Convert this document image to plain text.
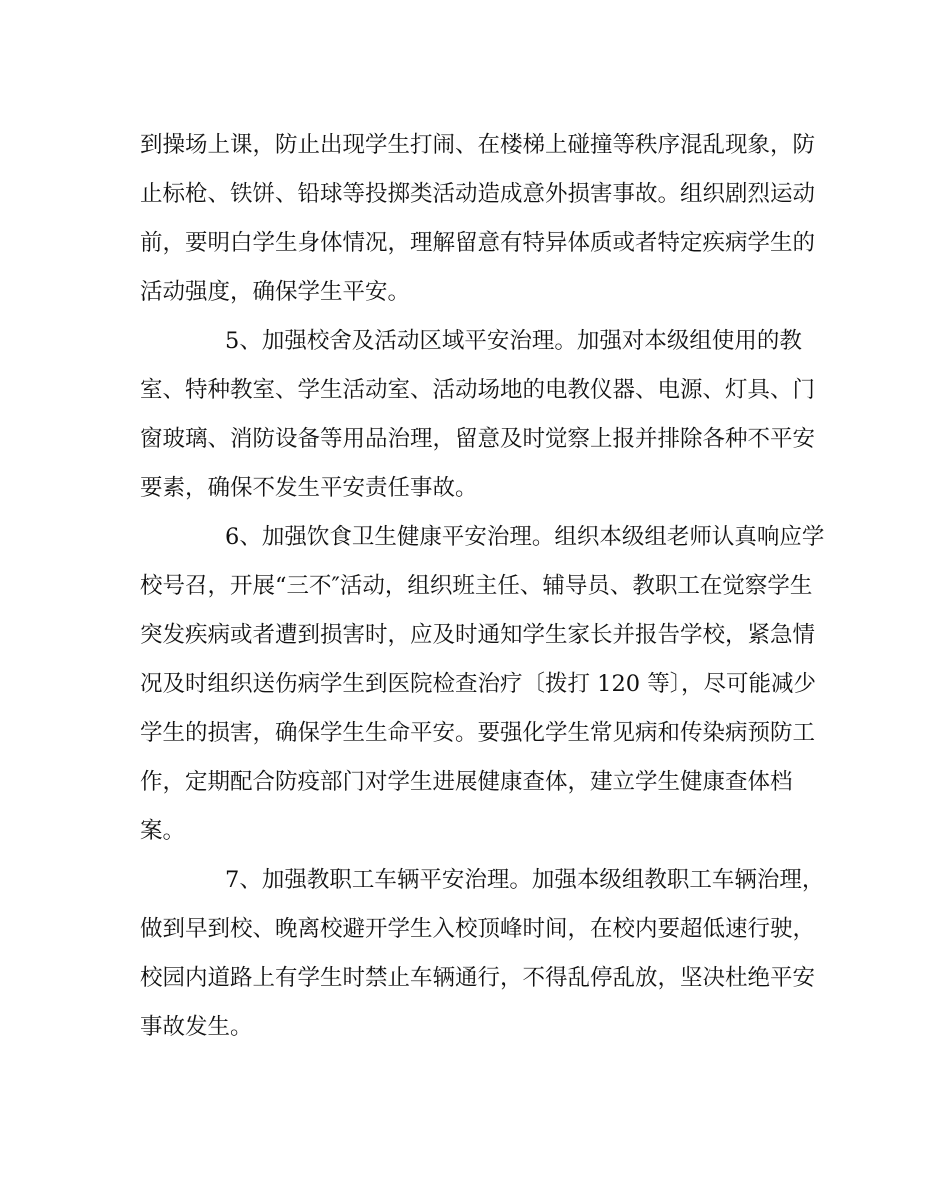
到操场上课，防止出现学生打闹、在楼梯上碰撞等秩序混乱现象，防
止标枪、铁饼、铅球等投掷类活动造成意外损害事故。组织剧烈运动
前，要明白学生身体情况，理解留意有特异体质或者特定疾病学生的
活动强度，确保学生平安。
5、加强校舍及活动区域平安治理。加强对本级组使用的教
室、特种教室、学生活动室、活动场地的电教仪器、电源、灯具、门
窗玻璃、消防设备等用品治理，留意及时觉察上报并排除各种不平安
要素，确保不发生平安责任事故。
6、加强饮食卫生健康平安治理。组织本级组老师认真响应学
校号召，开展“三不″活动，组织班主任、辅导员、教职工在觉察学生
突发疾病或者遭到损害时，应及时通知学生家长并报告学校，紧急情
况及时组织送伤病学生到医院检查治疗〔拨打 120 等〕，尽可能减少
学生的损害，确保学生生命平安。要强化学生常见病和传染病预防工
作，定期配合防疫部门对学生进展健康查体，建立学生健康查体档
案。
7、加强教职工车辆平安治理。加强本级组教职工车辆治理，
做到早到校、晚离校避开学生入校顶峰时间，在校内要超低速行驶，
校园内道路上有学生时禁止车辆通行，不得乱停乱放，坚决杜绝平安
事故发生。
